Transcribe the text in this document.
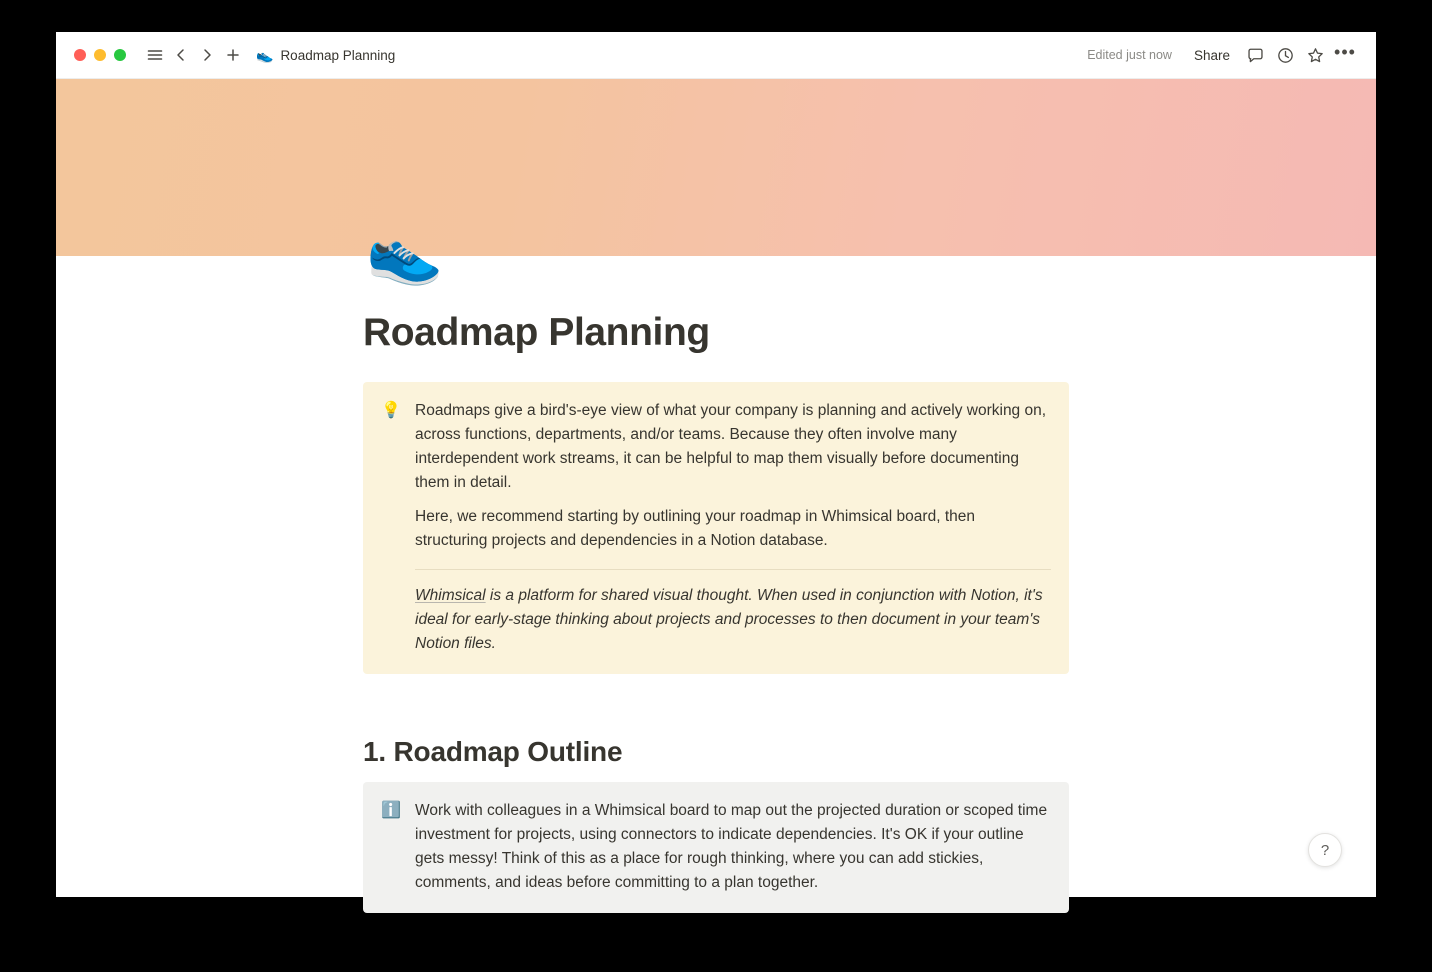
👟 Roadmap Planning	Edited just now	Share	•••
👟
Roadmap Planning
💡 Roadmaps give a bird's-eye view of what your company is planning and actively working on, across functions, departments, and/or teams. Because they often involve many interdependent work streams, it can be helpful to map them visually before documenting them in detail.

Here, we recommend starting by outlining your roadmap in Whimsical board, then structuring projects and dependencies in a Notion database.

Whimsical is a platform for shared visual thought. When used in conjunction with Notion, it's ideal for early-stage thinking about projects and processes to then document in your team's Notion files.

1. Roadmap Outline
ℹ️ Work with colleagues in a Whimsical board to map out the projected duration or scoped time investment for projects, using connectors to indicate dependencies. It's OK if your outline gets messy! Think of this as a place for rough thinking, where you can add stickies, comments, and ideas before committing to a plan together.

?
